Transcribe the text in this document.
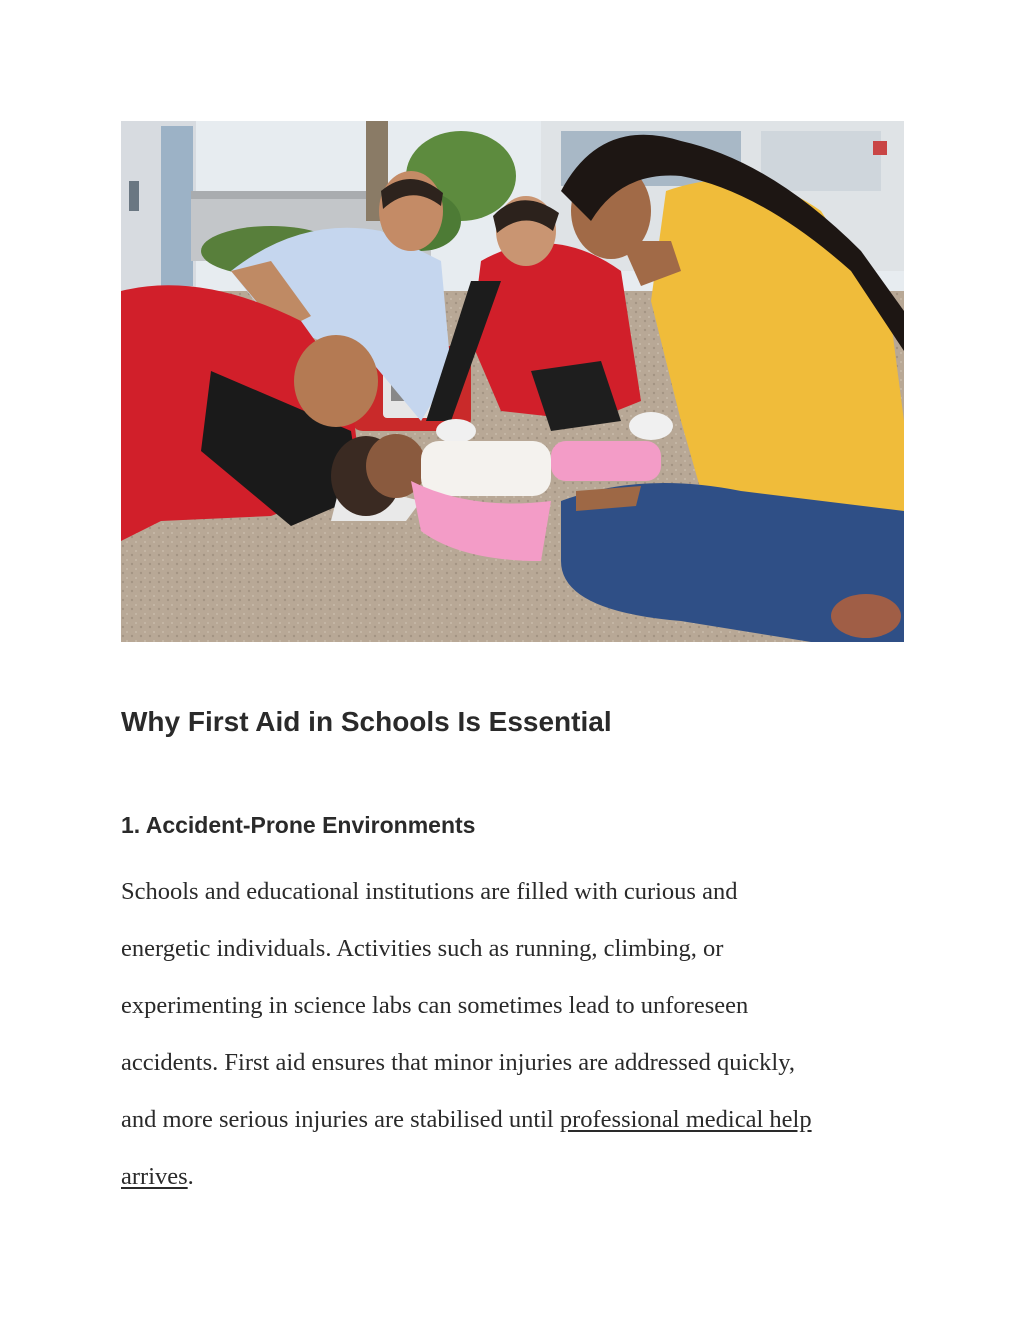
Why First Aid in Schools Is Essential
1. Accident-Prone Environments
Schools and educational institutions are filled with curious and
energetic individuals. Activities such as running, climbing, or
experimenting in science labs can sometimes lead to unforeseen
accidents. First aid ensures that minor injuries are addressed quickly,
and more serious injuries are stabilised until professional medical help
arrives.
